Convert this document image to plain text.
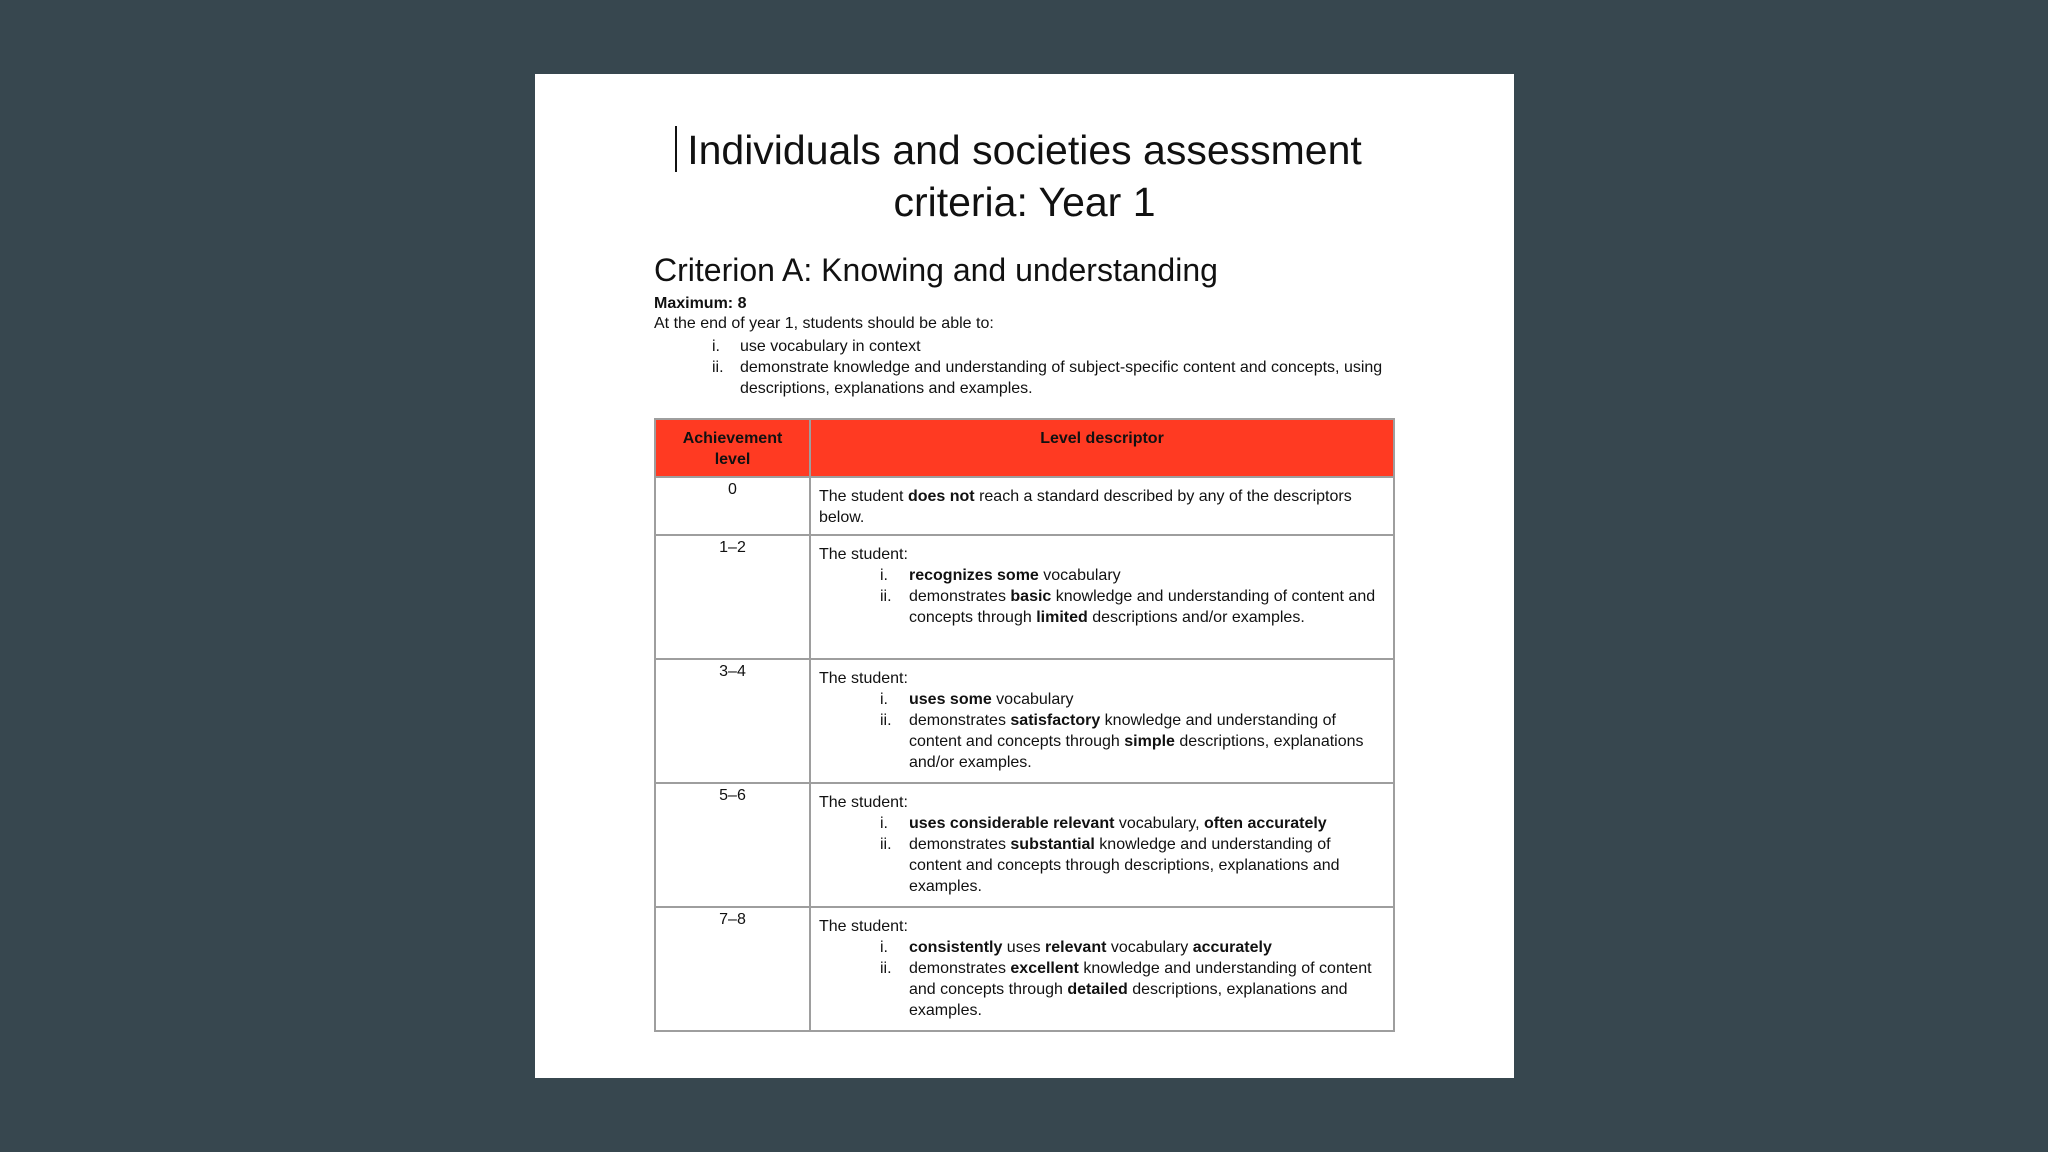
Individuals and societies assessment
criteria: Year 1
Criterion A: Knowing and understanding
Maximum: 8
At the end of year 1, students should be able to:
i.	use vocabulary in context
ii.	demonstrate knowledge and understanding of subject-specific content and concepts, using descriptions, explanations and examples.
Achievement level	Level descriptor
0	The student does not reach a standard described by any of the descriptors below.
1–2	The student:
i. recognizes some vocabulary
ii. demonstrates basic knowledge and understanding of content and concepts through limited descriptions and/or examples.

3–4	The student:
i. uses some vocabulary
ii. demonstrates satisfactory knowledge and understanding of content and concepts through simple descriptions, explanations and/or examples.

5–6	The student:
i. uses considerable relevant vocabulary, often accurately
ii. demonstrates substantial knowledge and understanding of content and concepts through descriptions, explanations and examples.

7–8	The student:
i. consistently uses relevant vocabulary accurately
ii. demonstrates excellent knowledge and understanding of content and concepts through detailed descriptions, explanations and examples.
